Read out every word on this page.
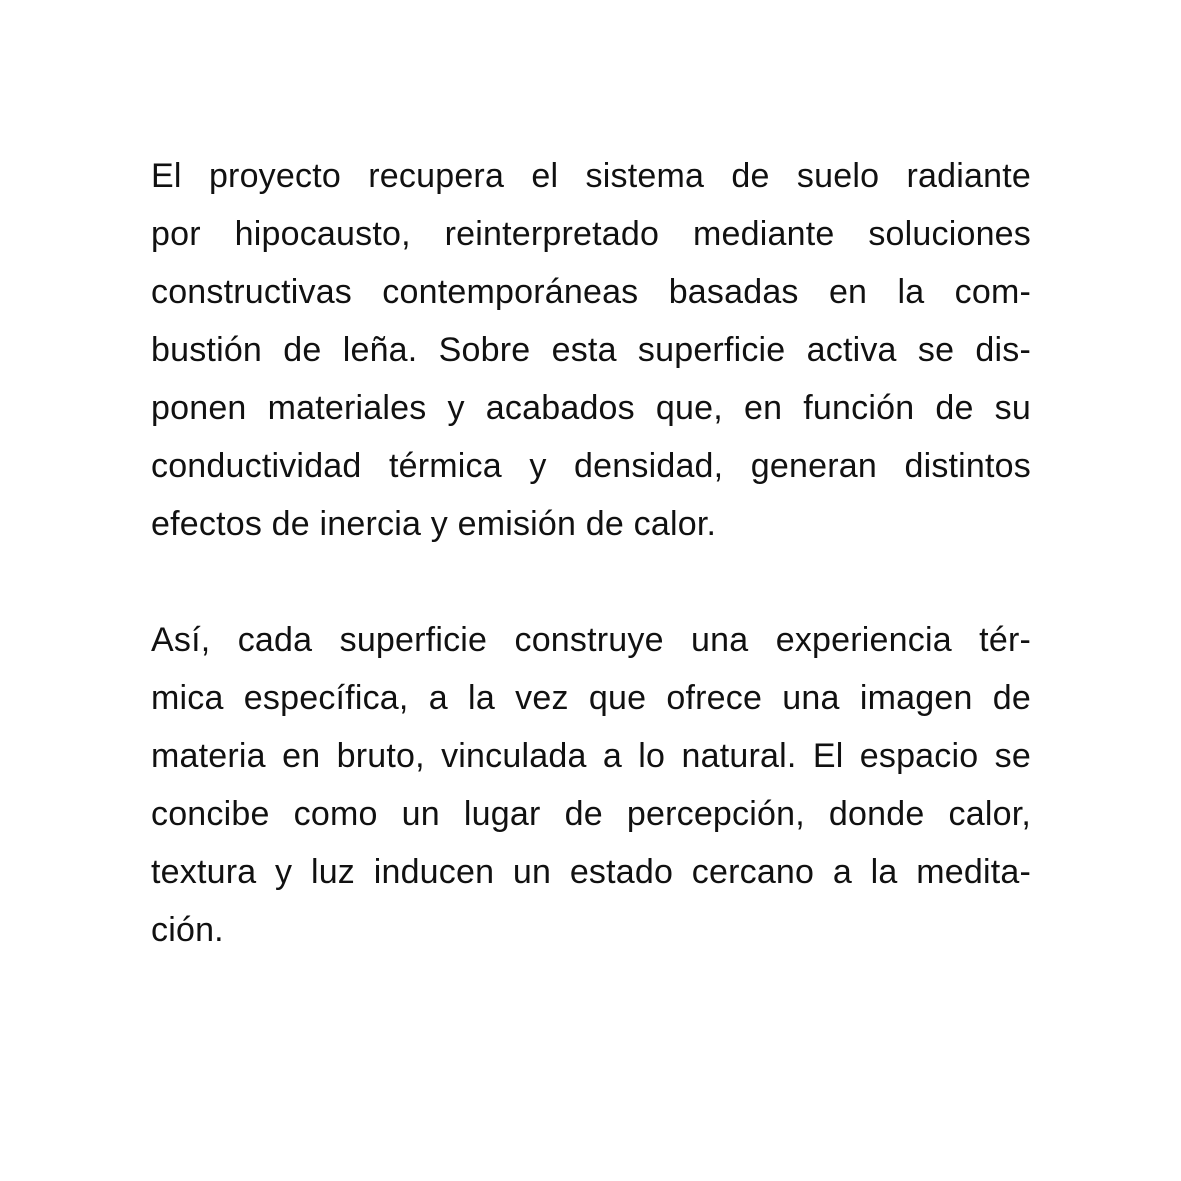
El proyecto recupera el sistema de suelo radiante
por hipocausto, reinterpretado mediante soluciones
constructivas contemporáneas basadas en la com-
bustión de leña. Sobre esta superficie activa se dis-
ponen materiales y acabados que, en función de su
conductividad térmica y densidad, generan distintos
efectos de inercia y emisión de calor.

Así, cada superficie construye una experiencia tér-
mica específica, a la vez que ofrece una imagen de
materia en bruto, vinculada a lo natural. El espacio se
concibe como un lugar de percepción, donde calor,
textura y luz inducen un estado cercano a la medita-
ción.
